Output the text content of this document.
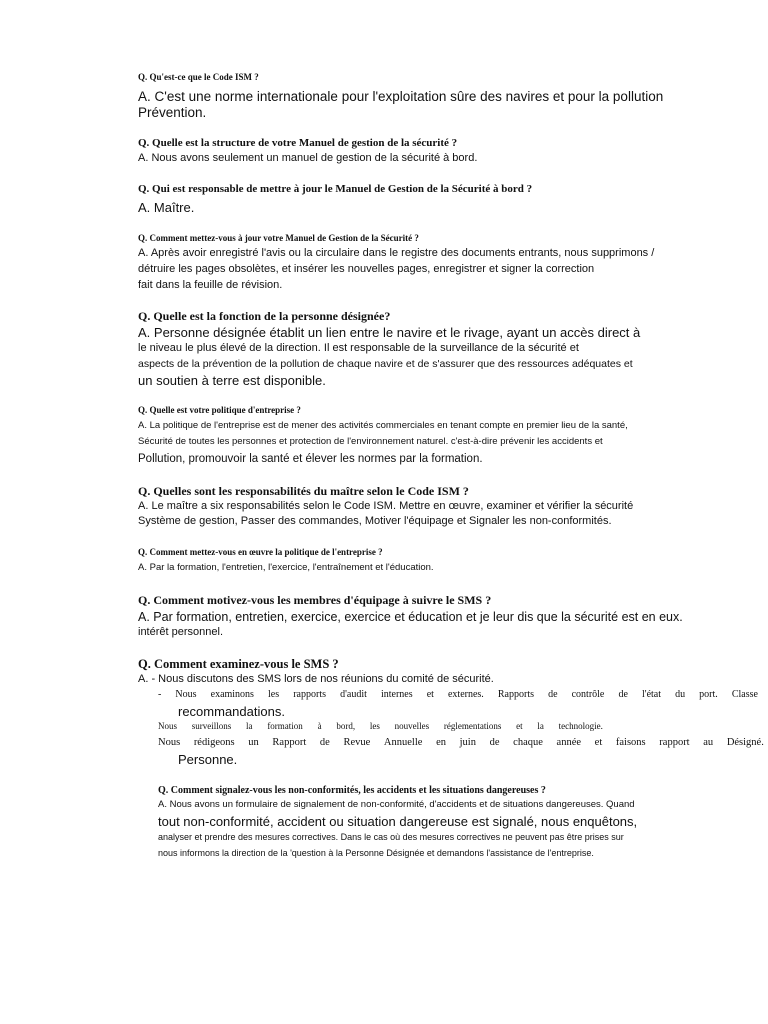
Q. Qu'est-ce que le Code ISM ?

A. C'est une norme internationale pour l'exploitation sûre des navires et pour la pollution

Prévention.

Q. Quelle est la structure de votre Manuel de gestion de la sécurité ?

A. Nous avons seulement un manuel de gestion de la sécurité à bord.

Q. Qui est responsable de mettre à jour le Manuel de Gestion de la Sécurité à bord ?

A. Maître.

Q. Comment mettez-vous à jour votre Manuel de Gestion de la Sécurité ?

A. Après avoir enregistré l'avis ou la circulaire dans le registre des documents entrants, nous supprimons /

détruire les pages obsolètes, et insérer les nouvelles pages, enregistrer et signer la correction

fait dans la feuille de révision.

Q. Quelle est la fonction de la personne désignée?

A. Personne désignée établit un lien entre le navire et le rivage, ayant un accès direct à

le niveau le plus élevé de la direction. Il est responsable de la surveillance de la sécurité et

aspects de la prévention de la pollution de chaque navire et de s'assurer que des ressources adéquates et

un soutien à terre est disponible.

Q. Quelle est votre politique d'entreprise ?

A. La politique de l'entreprise est de mener des activités commerciales en tenant compte en premier lieu de la santé,

Sécurité de toutes les personnes et protection de l'environnement naturel. c'est-à-dire prévenir les accidents et

Pollution, promouvoir la santé et élever les normes par la formation.

Q. Quelles sont les responsabilités du maître selon le Code ISM ?

A. Le maître a six responsabilités selon le Code ISM. Mettre en œuvre, examiner et vérifier la sécurité

Système de gestion, Passer des commandes, Motiver l'équipage et Signaler les non-conformités.

Q. Comment mettez-vous en œuvre la politique de l'entreprise ?

A. Par la formation, l'entretien, l'exercice, l'entraînement et l'éducation.

Q. Comment motivez-vous les membres d'équipage à suivre le SMS ?

A. Par formation, entretien, exercice, exercice et éducation et je leur dis que la sécurité est en eux.

intérêt personnel.

Q. Comment examinez-vous le SMS ?

A. - Nous discutons des SMS lors de nos réunions du comité de sécurité.

- Nous examinons les rapports d'audit internes et externes. Rapports de contrôle de l'état du port. Classe

recommandations.

Nous surveillons la formation à bord, les nouvelles réglementations et la technologie.
Nous rédigeons un Rapport de Revue Annuelle en juin de chaque année et faisons rapport au Désigné.

Personne.

Q. Comment signalez-vous les non-conformités, les accidents et les situations dangereuses ?

A. Nous avons un formulaire de signalement de non-conformité, d'accidents et de situations dangereuses. Quand

tout non-conformité, accident ou situation dangereuse est signalé, nous enquêtons,

analyser et prendre des mesures correctives. Dans le cas où des mesures correctives ne peuvent pas être prises sur

nous informons la direction de la 'question à la Personne Désignée et demandons l'assistance de l'entreprise.
